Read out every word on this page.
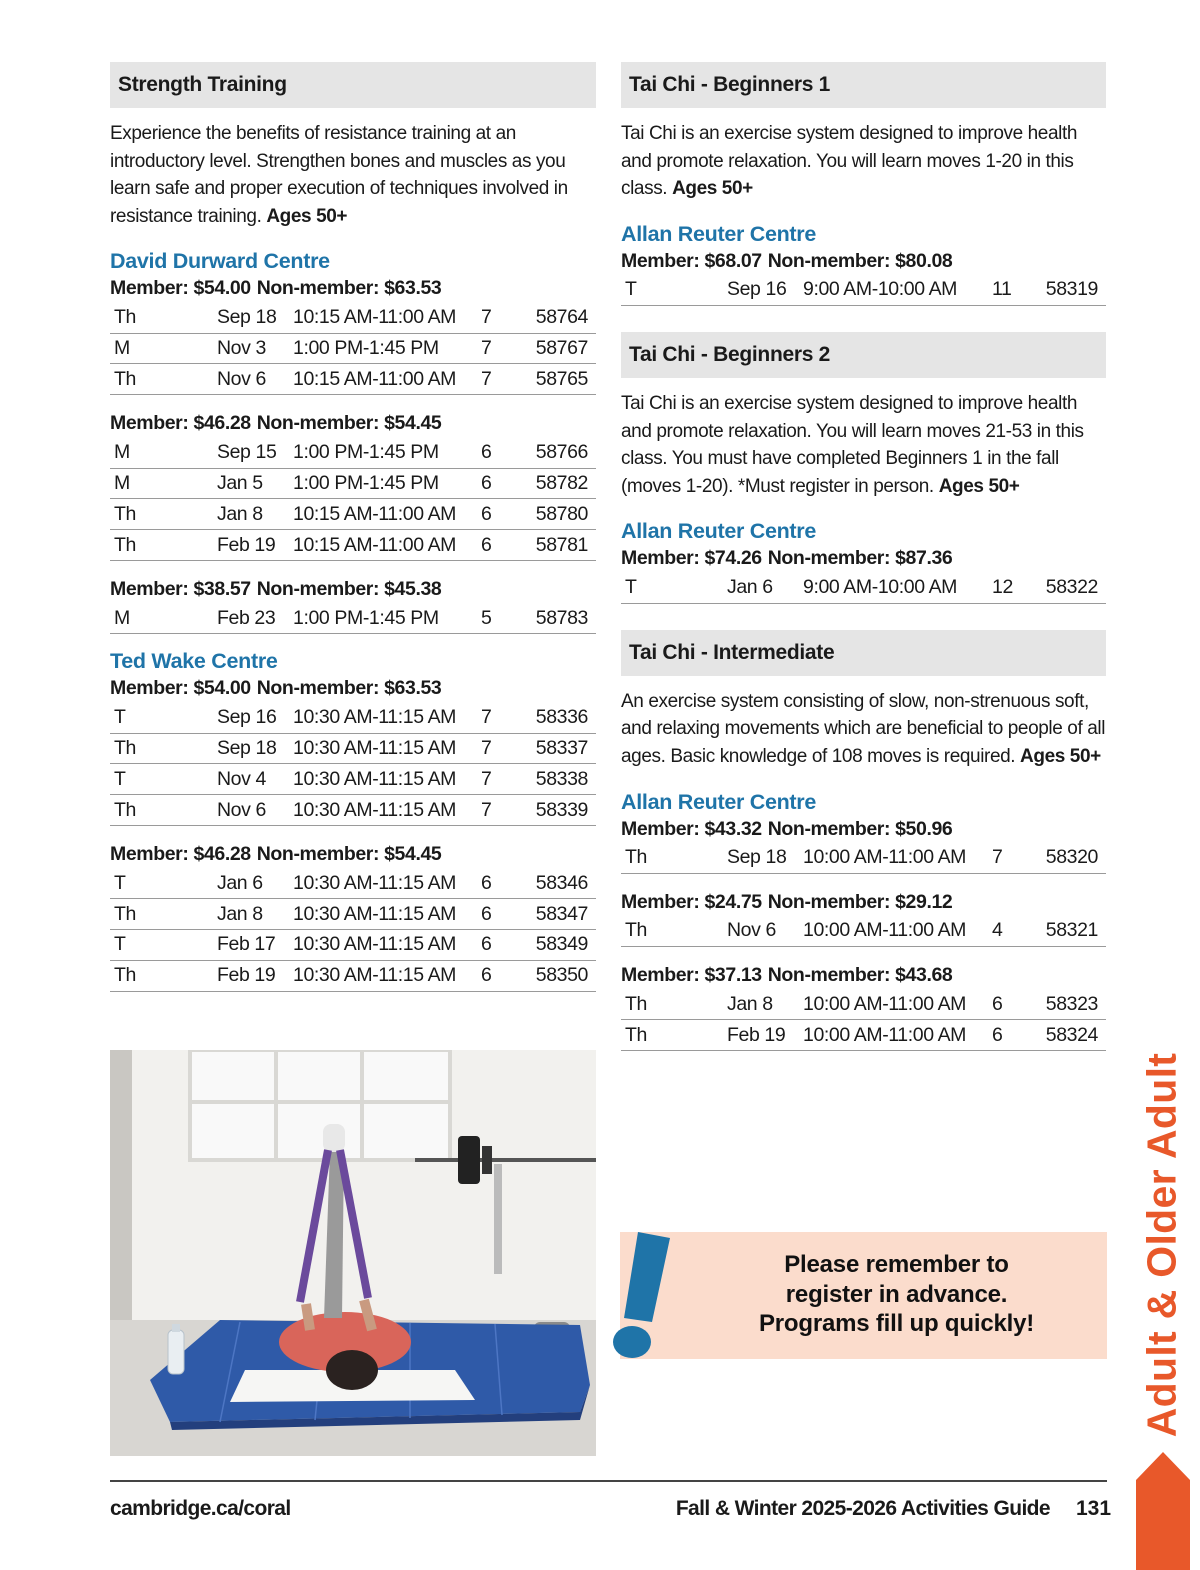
Strength Training

Experience the benefits of resistance training at an introductory level. Strengthen bones and muscles as you learn safe and proper execution of techniques involved in resistance training. Ages 50+

David Durward Centre
Member: $54.00 Non-member: $63.53
Th	Sep 18	10:15 AM-11:00 AM	7	58764
M	Nov 3	1:00 PM-1:45 PM	7	58767
Th	Nov 6	10:15 AM-11:00 AM	7	58765
Member: $46.28 Non-member: $54.45
M	Sep 15	1:00 PM-1:45 PM	6	58766
M	Jan 5	1:00 PM-1:45 PM	6	58782
Th	Jan 8	10:15 AM-11:00 AM	6	58780
Th	Feb 19	10:15 AM-11:00 AM	6	58781
Member: $38.57 Non-member: $45.38
M	Feb 23	1:00 PM-1:45 PM	5	58783
Ted Wake Centre
Member: $54.00 Non-member: $63.53
T	Sep 16	10:30 AM-11:15 AM	7	58336
Th	Sep 18	10:30 AM-11:15 AM	7	58337
T	Nov 4	10:30 AM-11:15 AM	7	58338
Th	Nov 6	10:30 AM-11:15 AM	7	58339
Member: $46.28 Non-member: $54.45
T	Jan 6	10:30 AM-11:15 AM	6	58346
Th	Jan 8	10:30 AM-11:15 AM	6	58347
T	Feb 17	10:30 AM-11:15 AM	6	58349
Th	Feb 19	10:30 AM-11:15 AM	6	58350
Tai Chi - Beginners 1

Tai Chi is an exercise system designed to improve health and promote relaxation. You will learn moves 1-20 in this class. Ages 50+

Allan Reuter Centre
Member: $68.07 Non-member: $80.08
T	Sep 16	9:00 AM-10:00 AM	11	58319
Tai Chi - Beginners 2

Tai Chi is an exercise system designed to improve health and promote relaxation. You will learn moves 21-53 in this class. You must have completed Beginners 1 in the fall (moves 1-20). *Must register in person. Ages 50+

Allan Reuter Centre
Member: $74.26 Non-member: $87.36
T	Jan 6	9:00 AM-10:00 AM	12	58322
Tai Chi - Intermediate

An exercise system consisting of slow, non-strenuous soft, and relaxing movements which are beneficial to people of all ages. Basic knowledge of 108 moves is required. Ages 50+

Allan Reuter Centre
Member: $43.32 Non-member: $50.96
Th	Sep 18	10:00 AM-11:00 AM	7	58320
Member: $24.75 Non-member: $29.12
Th	Nov 6	10:00 AM-11:00 AM	4	58321
Member: $37.13 Non-member: $43.68
Th	Jan 8	10:00 AM-11:00 AM	6	58323
Th	Feb 19	10:00 AM-11:00 AM	6	58324
Please remember to
register in advance.
Programs fill up quickly!	Adult & Older Adult
cambridge.ca/coral	Fall & Winter 2025-2026 Activities Guide 131
